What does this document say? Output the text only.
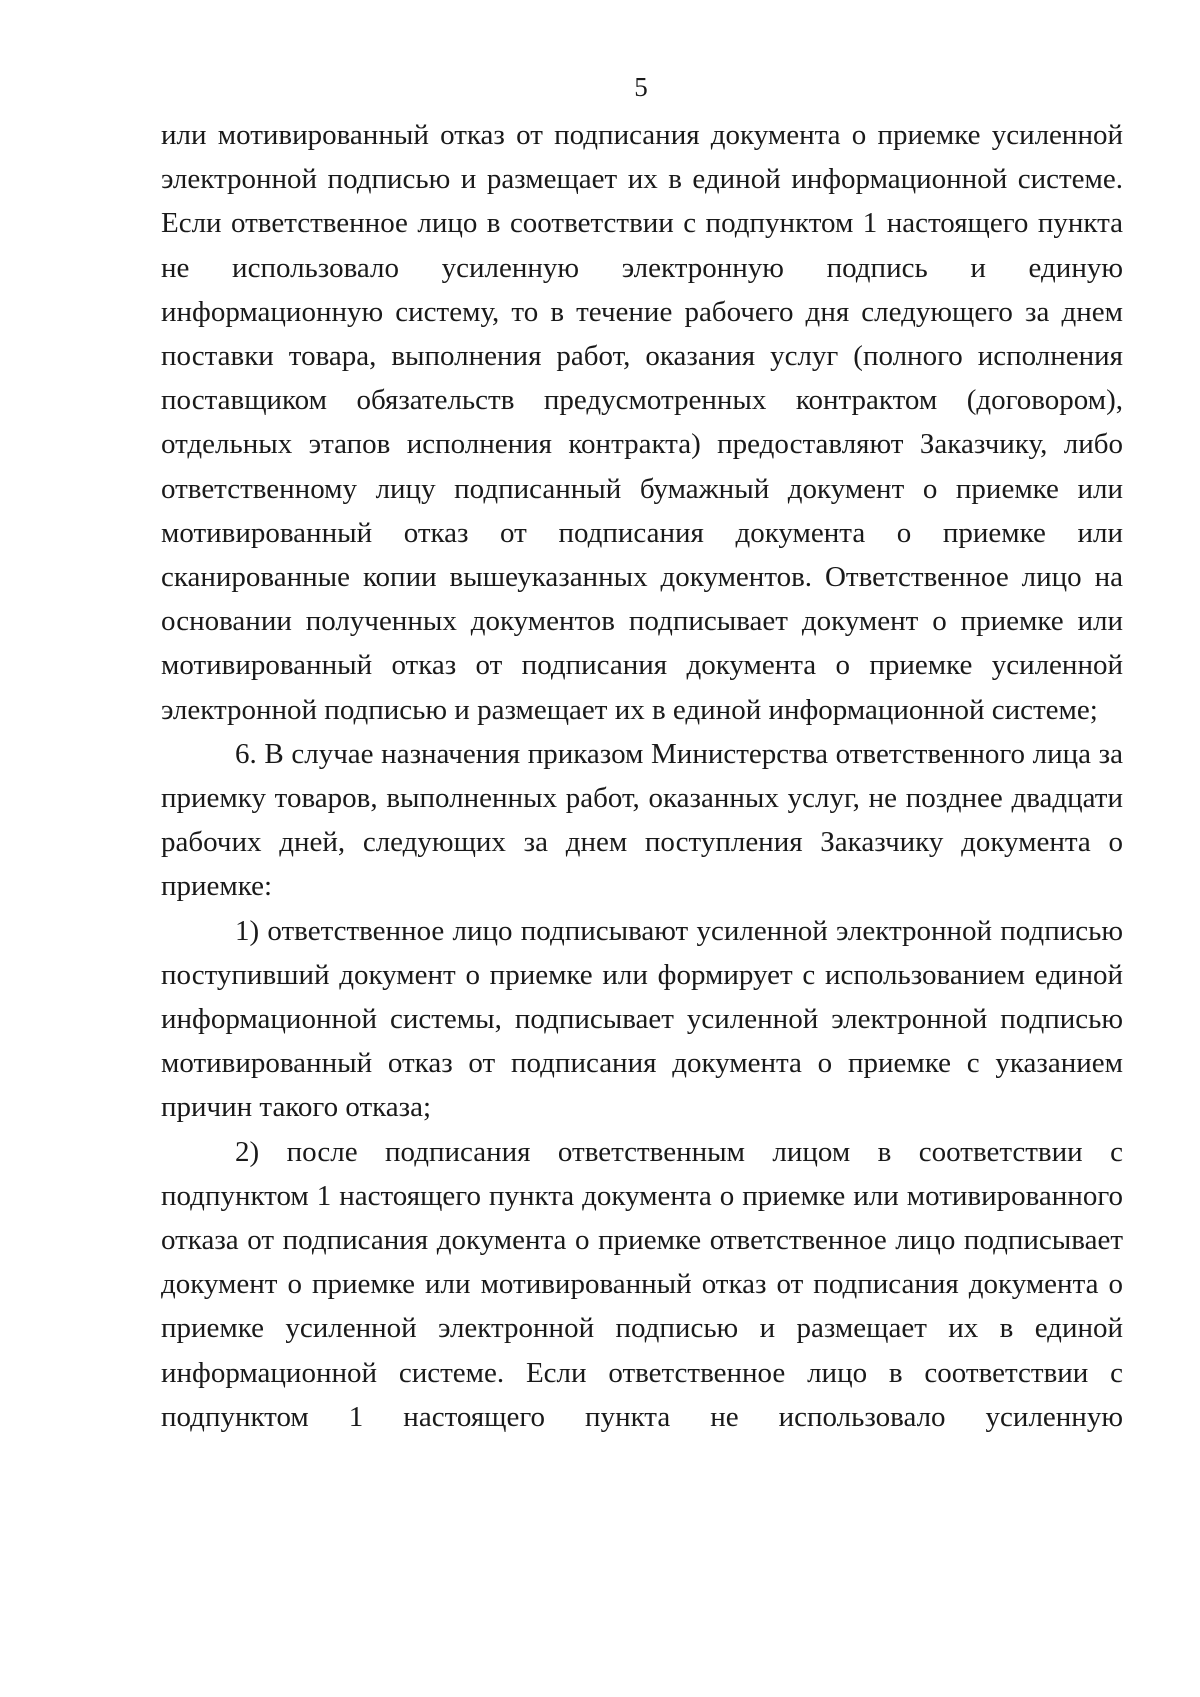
5

или мотивированный отказ от подписания документа о приемке усиленной электронной подписью и размещает их в единой информационной системе. Если ответственное лицо в соответствии с подпунктом 1 настоящего пункта не использовало усиленную электронную подпись и единую информационную систему, то в течение рабочего дня следующего за днем поставки товара, выполнения работ, оказания услуг (полного исполнения поставщиком обязательств предусмотренных контрактом (договором), отдельных этапов исполнения контракта) предоставляют Заказчику, либо ответственному лицу подписанный бумажный документ о приемке или мотивированный отказ от подписания документа о приемке или сканированные копии вышеуказанных документов. Ответственное лицо на основании полученных документов подписывает документ о приемке или мотивированный отказ от подписания документа о приемке усиленной электронной подписью и размещает их в единой информационной системе;

6. В случае назначения приказом Министерства ответственного лица за приемку товаров, выполненных работ, оказанных услуг, не позднее двадцати рабочих дней, следующих за днем поступления Заказчику документа о приемке:

1) ответственное лицо подписывают усиленной электронной подписью поступивший документ о приемке или формирует с использованием единой информационной системы, подписывает усиленной электронной подписью мотивированный отказ от подписания документа о приемке с указанием причин такого отказа;

2) после подписания ответственным лицом в соответствии с подпунктом 1 настоящего пункта документа о приемке или мотивированного отказа от подписания документа о приемке ответственное лицо подписывает документ о приемке или мотивированный отказ от подписания документа о приемке усиленной электронной подписью и размещает их в единой информационной системе. Если ответственное лицо в соответствии с подпунктом 1 настоящего пункта не использовало усиленную
